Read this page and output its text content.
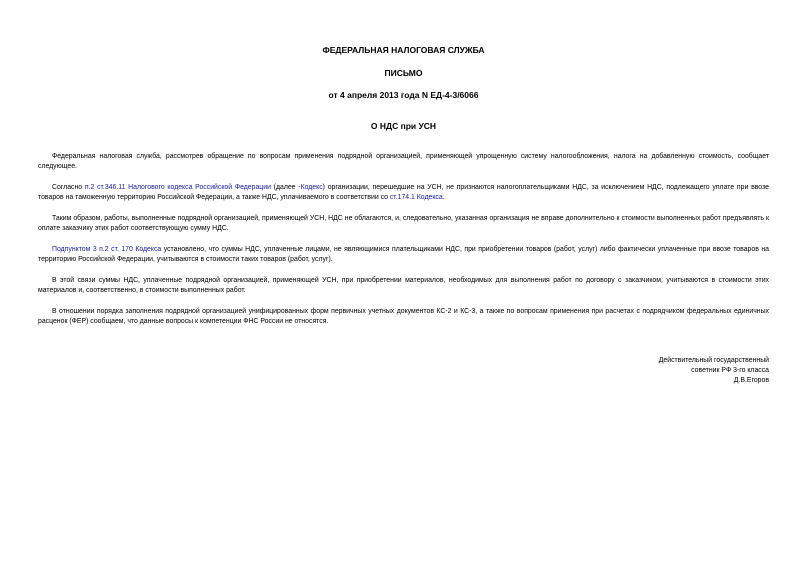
ФЕДЕРАЛЬНАЯ НАЛОГОВАЯ СЛУЖБА
ПИСЬМО
от 4 апреля 2013 года N ЕД-4-3/6066
О НДС при УСН

Федеральная налоговая служба, рассмотрев обращение по вопросам применения подрядной организацией, применяющей упрощенную систему налогообложения, налога на добавленную стоимость, сообщает следующее.

Согласно п.2 ст.346.11 Налогового кодекса Российской Федерации (далее -Кодекс) организации, перешедшие на УСН, не признаются налогоплательщиками НДС, за исключением НДС, подлежащего уплате при ввозе товаров на таможенную территорию Российской Федерации, а также НДС, уплачиваемого в соответствии со ст.174.1 Кодекса.

Таким образом, работы, выполненные подрядной организацией, применяющей УСН, НДС не облагаются, и, следовательно, указанная организация не вправе дополнительно к стоимости выполненных работ предъявлять к оплате заказчику этих работ соответствующую сумму НДС.

Подпунктом 3 п.2 ст. 170 Кодекса установлено, что суммы НДС, уплаченные лицами, не являющимися плательщиками НДС, при приобретении товаров (работ, услуг) либо фактически уплаченные при ввозе товаров на территорию Российской Федерации, учитываются в стоимости таких товаров (работ, услуг).

В этой связи суммы НДС, уплаченные подрядной организацией, применяющей УСН, при приобретении материалов, необходимых для выполнения работ по договору с заказчиком, учитываются в стоимости этих материалов и, соответственно, в стоимости выполненных работ.

В отношении порядка заполнения подрядной организацией унифицированных форм первичных учетных документов КС-2 и КС-3, а также по вопросам применения при расчетах с подрядчиком федеральных единичных расценок (ФЕР) сообщаем, что данные вопросы к компетенции ФНС России не относятся.

Действительный государственный
советник РФ 3-го класса
Д.В.Егоров
